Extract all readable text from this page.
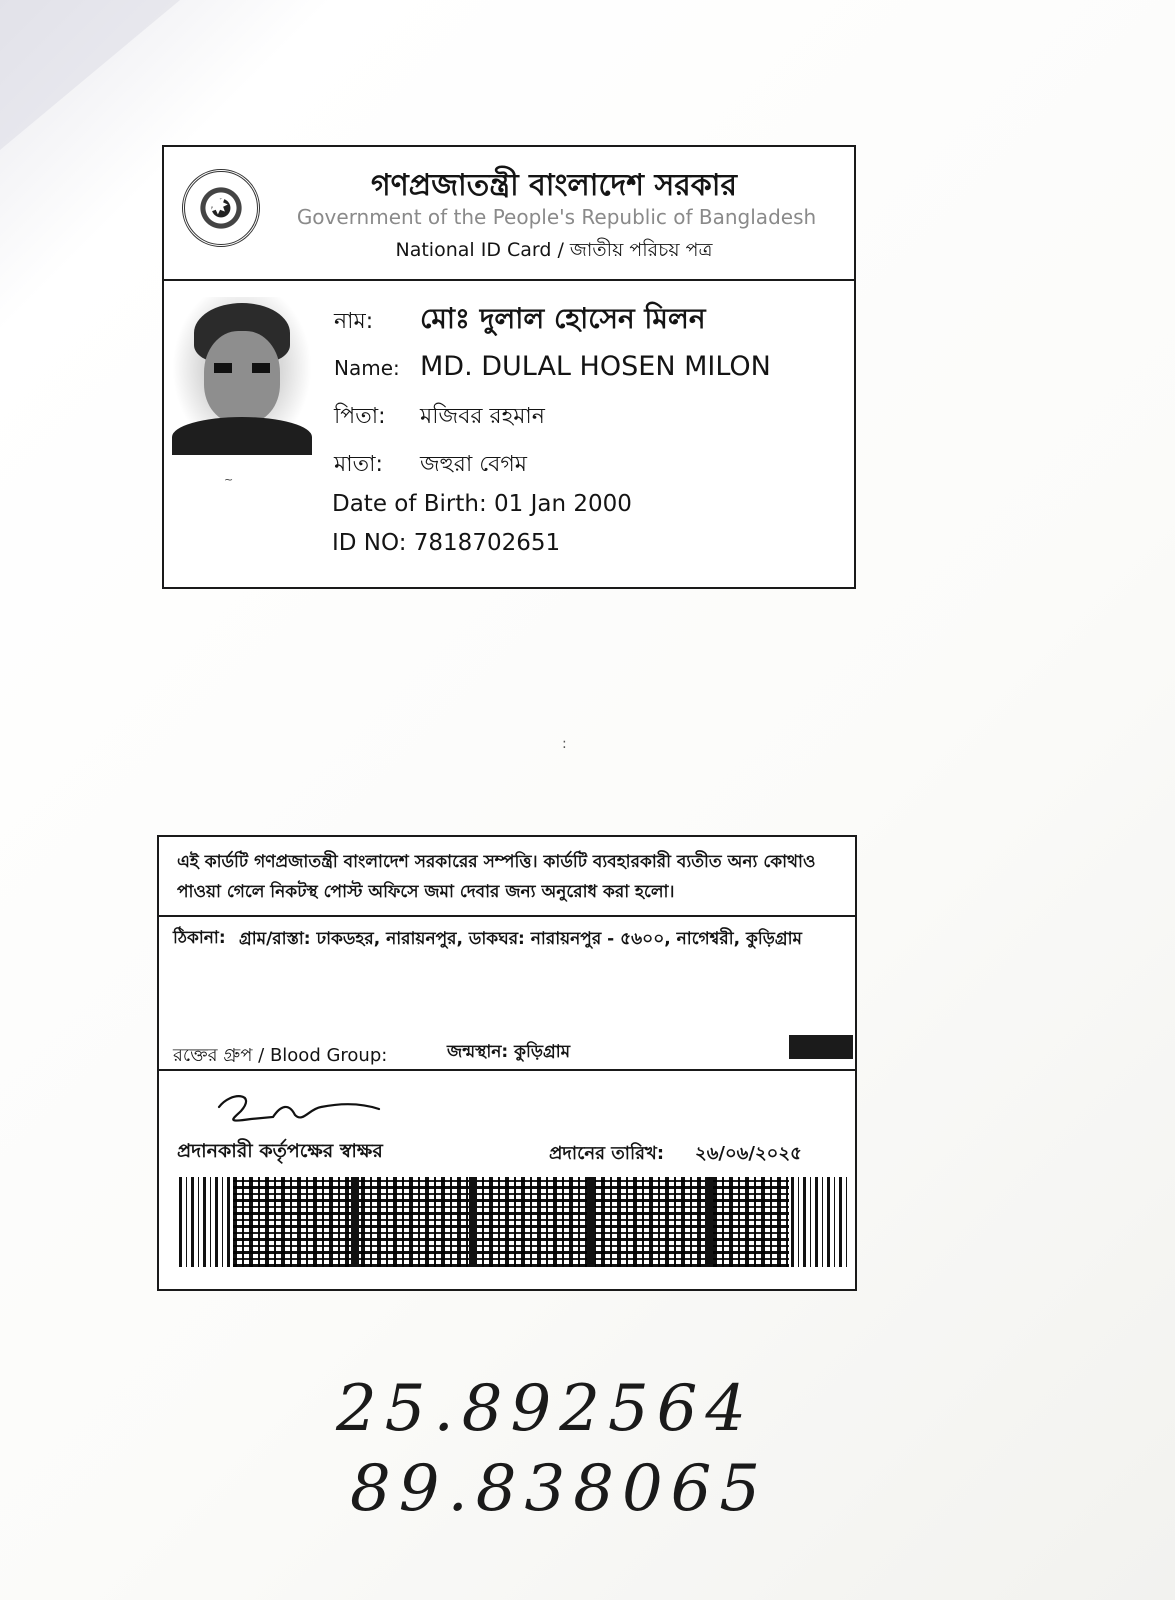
✸
গণপ্রজাতন্ত্রী বাংলাদেশ সরকার
Government of the People's Republic of Bangladesh
National ID Card / জাতীয় পরিচয় পত্র
~
নাম: মোঃ দুলাল হোসেন মিলন
Name: MD. DULAL HOSEN MILON
পিতা: মজিবর রহমান
মাতা: জহুরা বেগম
Date of Birth: 01 Jan 2000
ID NO: 7818702651
:
এই কার্ডটি গণপ্রজাতন্ত্রী বাংলাদেশ সরকারের সম্পত্তি। কার্ডটি ব্যবহারকারী ব্যতীত অন্য কোথাও পাওয়া গেলে নিকটস্থ পোস্ট অফিসে জমা দেবার জন্য অনুরোধ করা হলো।
ঠিকানা: গ্রাম/রাস্তা: ঢাকডহর, নারায়নপুর, ডাকঘর: নারায়নপুর - ৫৬০০, নাগেশ্বরী, কুড়িগ্রাম
রক্তের গ্রুপ / Blood Group:	জন্মস্থান: কুড়িগ্রাম
প্রদানকারী কর্তৃপক্ষের স্বাক্ষর	প্রদানের তারিখ: ২৬/০৬/২০২৫
25.892564
89.838065
